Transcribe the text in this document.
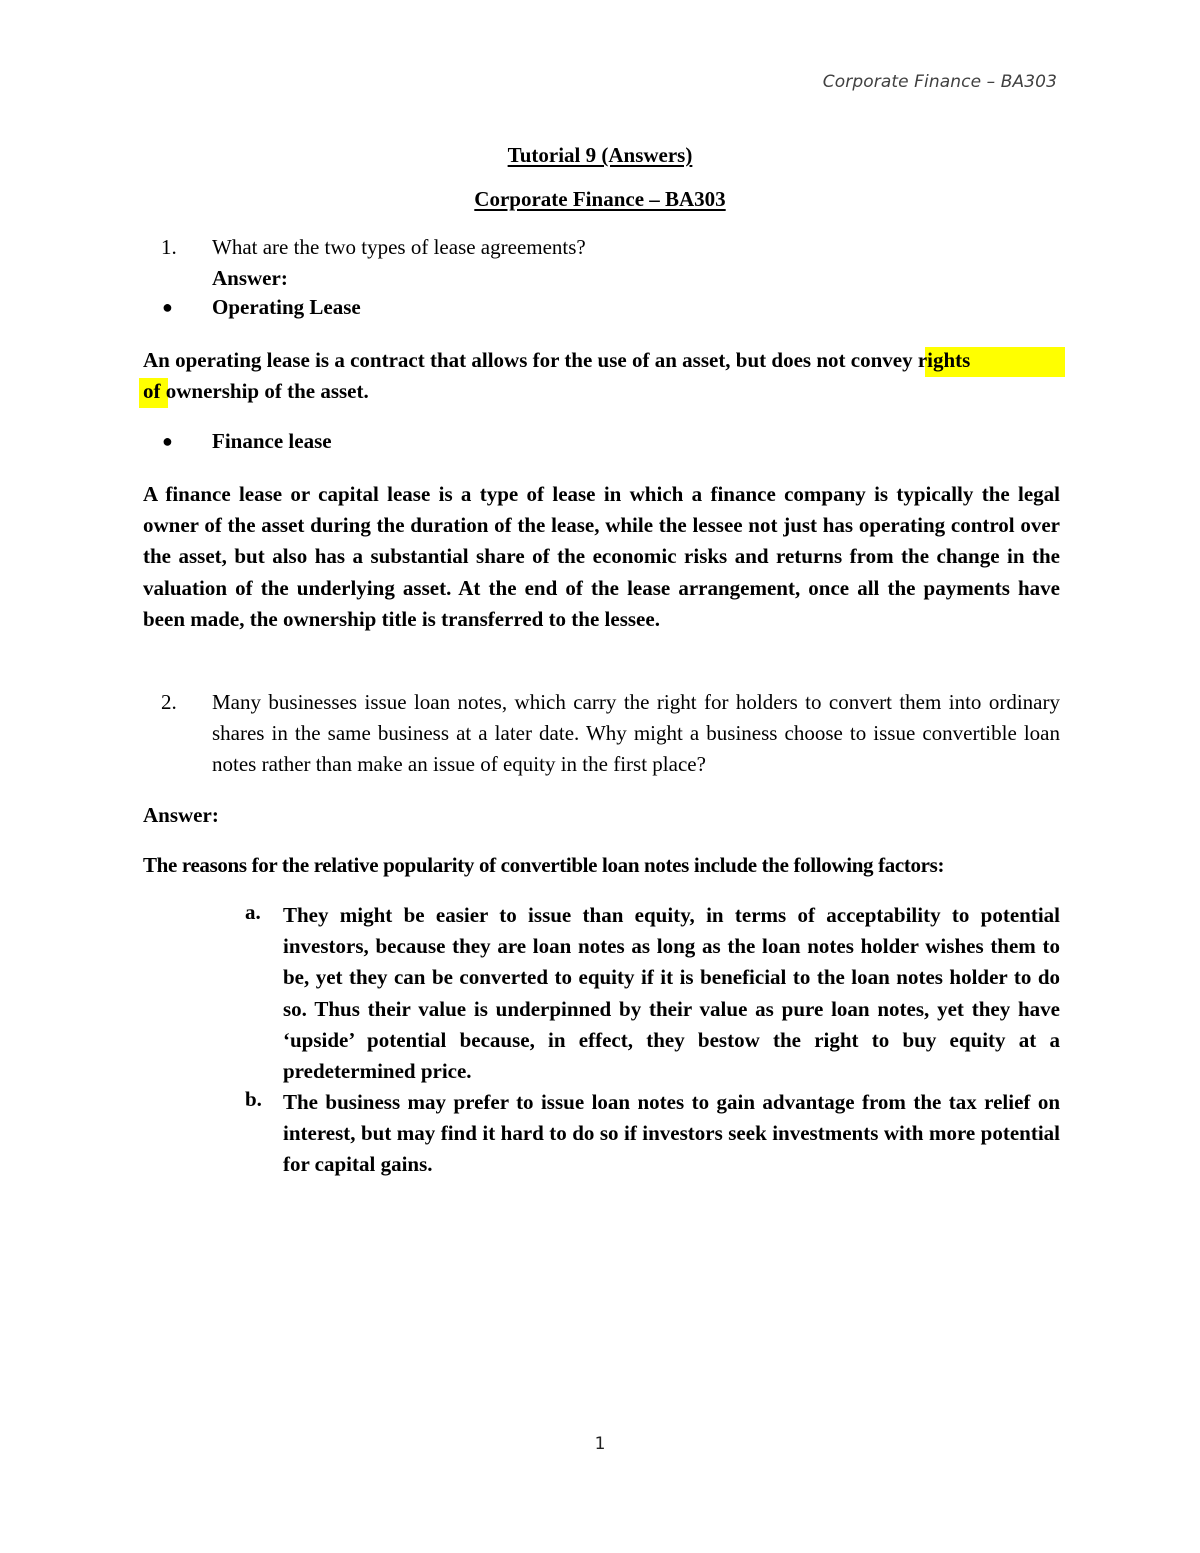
Corporate Finance – BA303
Tutorial 9 (Answers)
Corporate Finance – BA303
1. What are the two types of lease agreements?
Answer:
● Operating Lease
An operating lease is a contract that allows for the use of an asset, but does not convey rights
of ownership of the asset.
● Finance lease
A finance lease or capital lease is a type of lease in which a finance company is typically the legal owner of the asset during the duration of the lease, while the lessee not just has operating control over the asset, but also has a substantial share of the economic risks and returns from the change in the valuation of the underlying asset. At the end of the lease arrangement, once all the payments have been made, the ownership title is transferred to the lessee.
2. Many businesses issue loan notes, which carry the right for holders to convert them into ordinary shares in the same business at a later date. Why might a business choose to issue convertible loan notes rather than make an issue of equity in the first place?
Answer:
The reasons for the relative popularity of convertible loan notes include the following factors:
a. They might be easier to issue than equity, in terms of acceptability to potential investors, because they are loan notes as long as the loan notes holder wishes them to be, yet they can be converted to equity if it is beneficial to the loan notes holder to do so. Thus their value is underpinned by their value as pure loan notes, yet they have ‘upside’ potential because, in effect, they bestow the right to buy equity at a predetermined price.
b. The business may prefer to issue loan notes to gain advantage from the tax relief on interest, but may find it hard to do so if investors seek investments with more potential for capital gains.
1
